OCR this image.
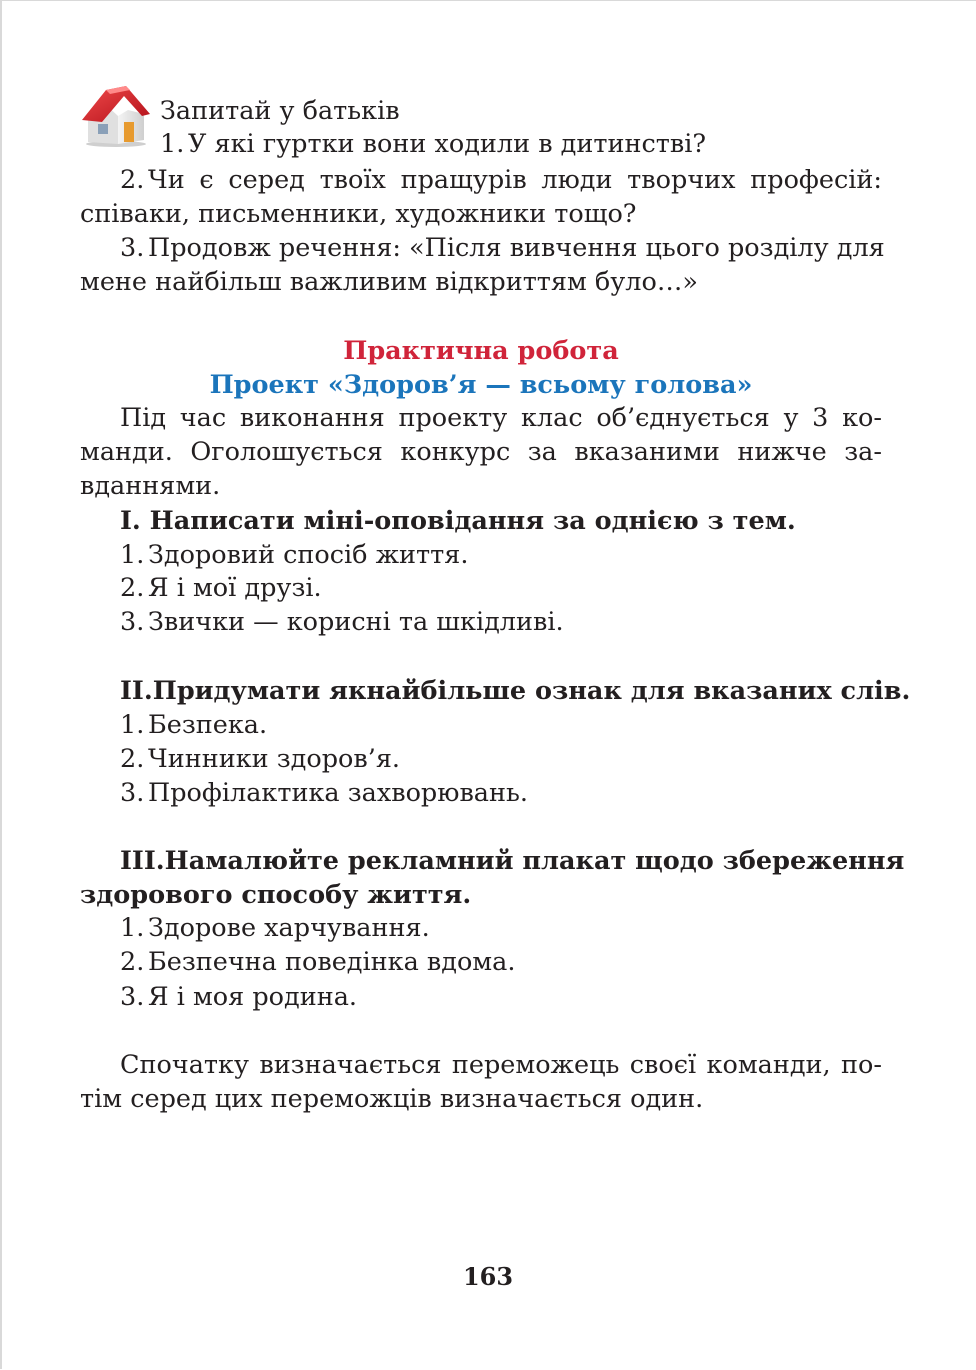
Запитай у батьків
1. У які гуртки вони ходили в дитинстві?
2. Чи є серед твоїх пращурів люди творчих професій:
співаки, письменники, художники тощо?
3. Продовж речення: «Після вивчення цього розділу для
мене найбільш важливим відкриттям було…»
Практична робота
Проект «Здоров’я — всьому голова»
Під час виконання проекту клас об’єднується у 3 ко-
манди. Оголошується конкурс за вказаними нижче за-
вданнями.
І. Написати міні-оповідання за однією з тем.
1. Здоровий спосіб життя.
2. Я і мої друзі.
3. Звички — корисні та шкідливі.
ІІ.Придумати якнайбільше ознак для вказаних слів.
1. Безпека.
2. Чинники здоров’я.
3. Профілактика захворювань.
ІІІ.Намалюйте рекламний плакат щодо збереження
здорового способу життя.
1. Здорове харчування.
2. Безпечна поведінка вдома.
3. Я і моя родина.
Спочатку визначається переможець своєї команди, по-
тім серед цих переможців визначається один.
163
